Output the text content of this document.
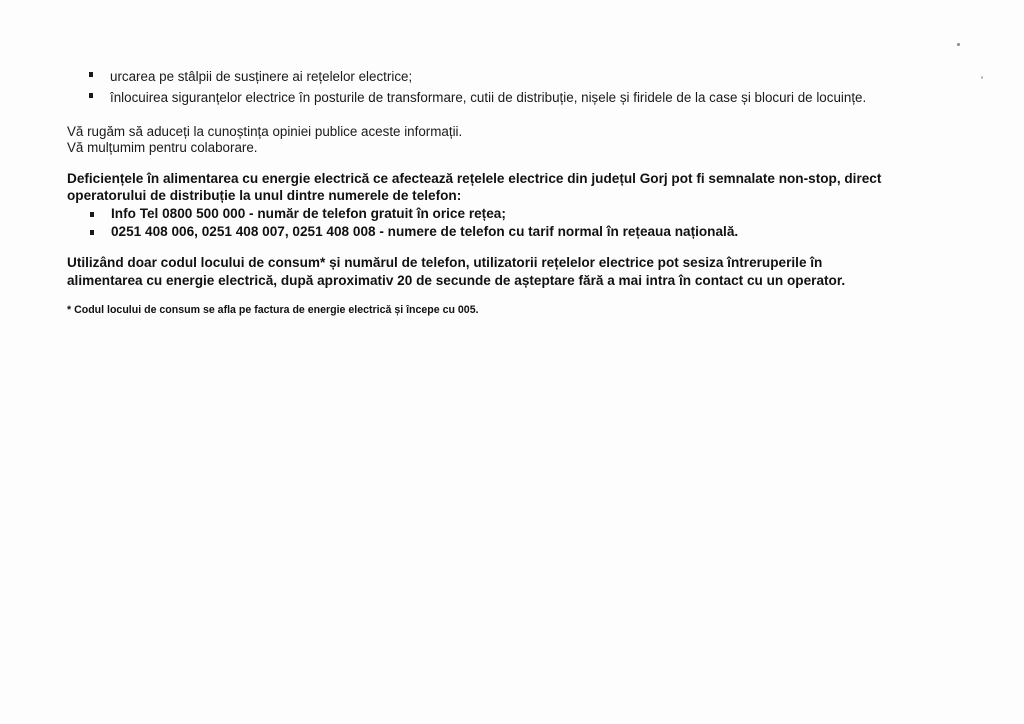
urcarea pe stâlpii de susținere ai rețelelor electrice;
înlocuirea siguranțelor electrice în posturile de transformare, cutii de distribuție, nișele și firidele de la case și blocuri de locuințe.
Vă rugăm să aduceți la cunoștința opiniei publice aceste informații.
Vă mulțumim pentru colaborare.
Deficiențele în alimentarea cu energie electrică ce afectează rețelele electrice din județul Gorj pot fi semnalate non-stop, direct
operatorului de distribuție la unul dintre numerele de telefon:
Info Tel 0800 500 000 - număr de telefon gratuit în orice rețea;
0251 408 006, 0251 408 007, 0251 408 008 - numere de telefon cu tarif normal în rețeaua națională.
Utilizând doar codul locului de consum* și numărul de telefon, utilizatorii rețelelor electrice pot sesiza întreruperile în
alimentarea cu energie electrică, după aproximativ 20 de secunde de așteptare fără a mai intra în contact cu un operator.
* Codul locului de consum se afla pe factura de energie electrică și începe cu 005.
